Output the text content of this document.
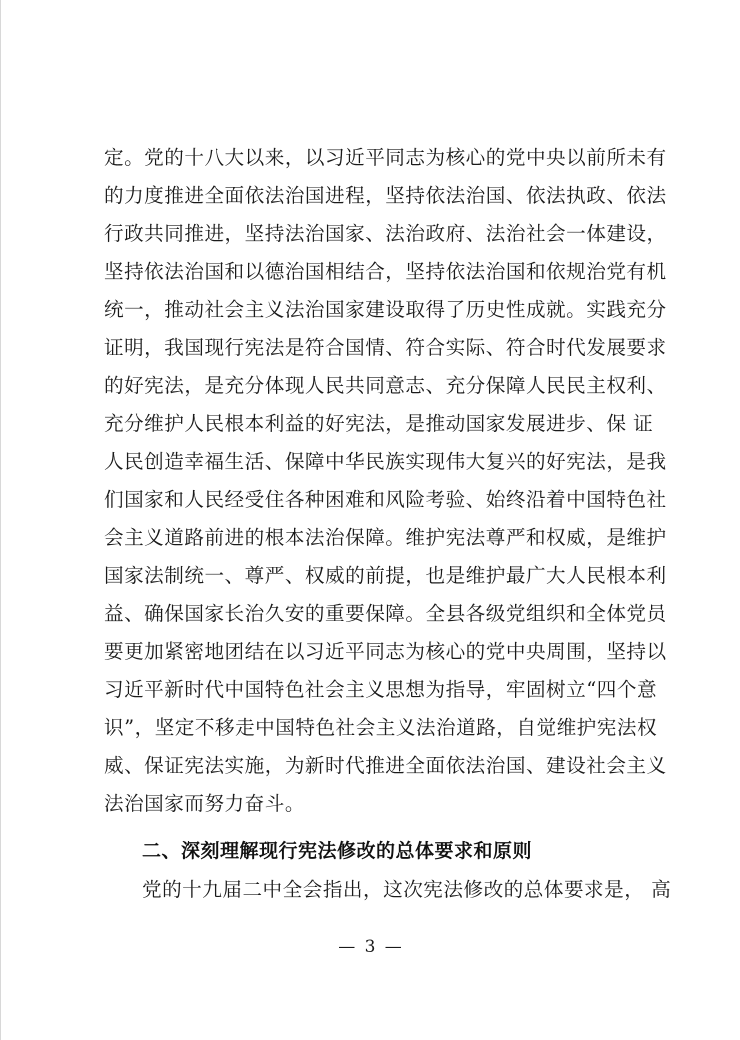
定。党的十八大以来，以习近平同志为核心的党中央以前所未有
的力度推进全面依法治国进程，坚持依法治国、依法执政、依法
行政共同推进，坚持法治国家、法治政府、法治社会一体建设，
坚持依法治国和以德治国相结合，坚持依法治国和依规治党有机
统一，推动社会主义法治国家建设取得了历史性成就。实践充分
证明，我国现行宪法是符合国情、符合实际、符合时代发展要求
的好宪法，是充分体现人民共同意志、充分保障人民民主权利、
充分维护人民根本利益的好宪法，是推动国家发展进步、保 证
人民创造幸福生活、保障中华民族实现伟大复兴的好宪法，是我
们国家和人民经受住各种困难和风险考验、始终沿着中国特色社
会主义道路前进的根本法治保障。维护宪法尊严和权威，是维护
国家法制统一、尊严、权威的前提，也是维护最广大人民根本利
益、确保国家长治久安的重要保障。全县各级党组织和全体党员
要更加紧密地团结在以习近平同志为核心的党中央周围，坚持以
习近平新时代中国特色社会主义思想为指导，牢固树立“四个意
识”，坚定不移走中国特色社会主义法治道路，自觉维护宪法权
威、保证宪法实施，为新时代推进全面依法治国、建设社会主义
法治国家而努力奋斗。
二、深刻理解现行宪法修改的总体要求和原则
党的十九届二中全会指出，这次宪法修改的总体要求是， 高
— 3 —
